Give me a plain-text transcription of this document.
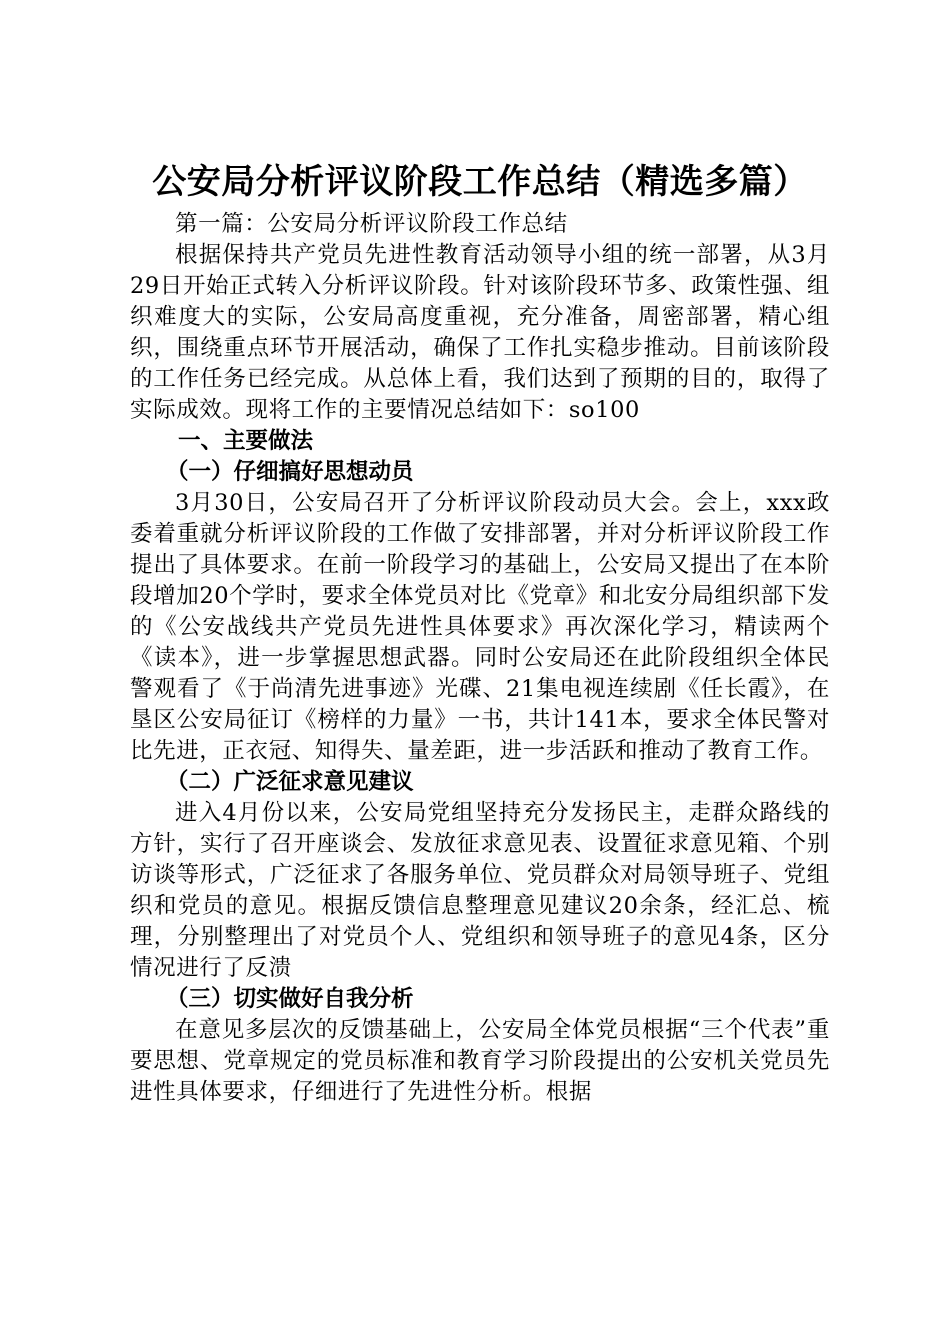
公安局分析评议阶段工作总结（精选多篇）

第一篇：公安局分析评议阶段工作总结

根据保持共产党员先进性教育活动领导小组的统一部署，从3月29日开始正式转入分析评议阶段。针对该阶段环节多、政策性强、组织难度大的实际，公安局高度重视，充分准备，周密部署，精心组织，围绕重点环节开展活动，确保了工作扎实稳步推动。目前该阶段的工作任务已经完成。从总体上看，我们达到了预期的目的，取得了实际成效。现将工作的主要情况总结如下：so100

一、主要做法
（一）仔细搞好思想动员

3月30日，公安局召开了分析评议阶段动员大会。会上，xxx政委着重就分析评议阶段的工作做了安排部署，并对分析评议阶段工作提出了具体要求。在前一阶段学习的基础上，公安局又提出了在本阶段增加20个学时，要求全体党员对比《党章》和北安分局组织部下发的《公安战线共产党员先进性具体要求》再次深化学习，精读两个《读本》，进一步掌握思想武器。同时公安局还在此阶段组织全体民警观看了《于尚清先进事迹》光碟、21集电视连续剧《任长霞》，在垦区公安局征订《榜样的力量》一书，共计141本，要求全体民警对比先进，正衣冠、知得失、量差距，进一步活跃和推动了教育工作。

（二）广泛征求意见建议

进入4月份以来，公安局党组坚持充分发扬民主，走群众路线的方针，实行了召开座谈会、发放征求意见表、设置征求意见箱、个别访谈等形式，广泛征求了各服务单位、党员群众对局领导班子、党组织和党员的意见。根据反馈信息整理意见建议20余条，经汇总、梳理，分别整理出了对党员个人、党组织和领导班子的意见4条，区分情况进行了反溃

（三）切实做好自我分析

在意见多层次的反馈基础上，公安局全体党员根据“三个代表”重要思想、党章规定的党员标准和教育学习阶段提出的公安机关党员先进性具体要求，仔细进行了先进性分析。根据
